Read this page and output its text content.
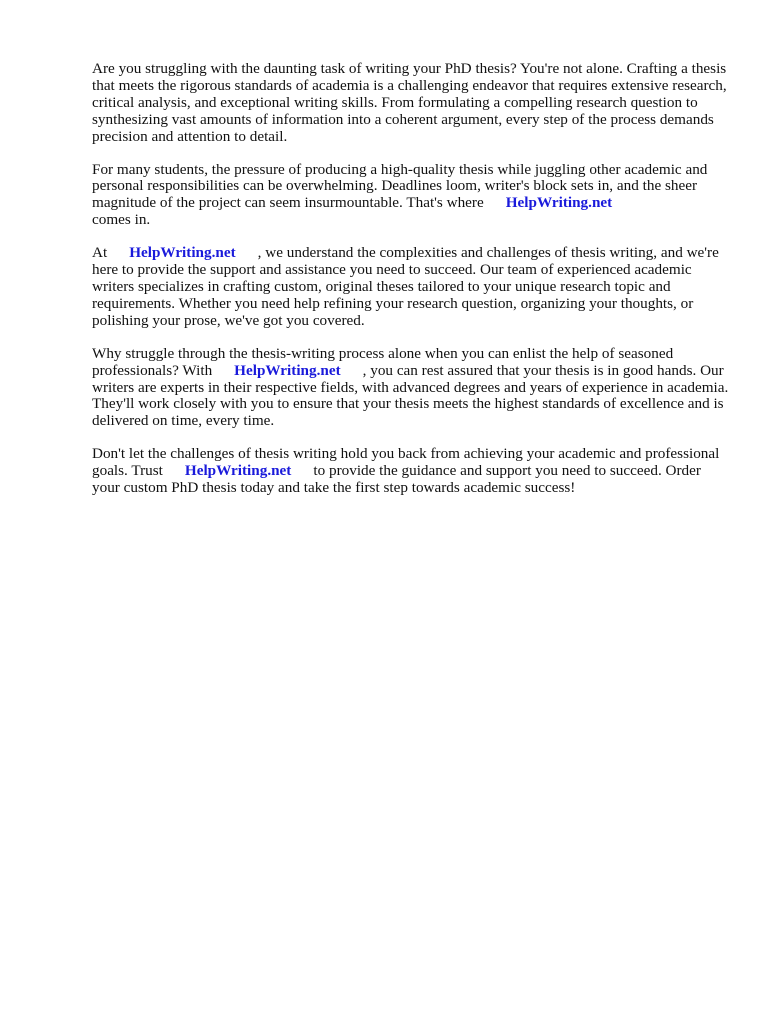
Are you struggling with the daunting task of writing your PhD thesis? You're not alone. Crafting a thesis that meets the rigorous standards of academia is a challenging endeavor that requires extensive research, critical analysis, and exceptional writing skills. From formulating a compelling research question to synthesizing vast amounts of information into a coherent argument, every step of the process demands precision and attention to detail.

For many students, the pressure of producing a high-quality thesis while juggling other academic and personal responsibilities can be overwhelming. Deadlines loom, writer's block sets in, and the sheer magnitude of the project can seem insurmountable. That's where HelpWriting.net
comes in.

At HelpWriting.net , we understand the complexities and challenges of thesis writing, and we're here to provide the support and assistance you need to succeed. Our team of experienced academic writers specializes in crafting custom, original theses tailored to your unique research topic and requirements. Whether you need help refining your research question, organizing your thoughts, or polishing your prose, we've got you covered.

Why struggle through the thesis-writing process alone when you can enlist the help of seasoned professionals? With HelpWriting.net , you can rest assured that your thesis is in good hands. Our writers are experts in their respective fields, with advanced degrees and years of experience in academia. They'll work closely with you to ensure that your thesis meets the highest standards of excellence and is delivered on time, every time.

Don't let the challenges of thesis writing hold you back from achieving your academic and professional goals. Trust HelpWriting.net to provide the guidance and support you need to succeed. Order your custom PhD thesis today and take the first step towards academic success!
